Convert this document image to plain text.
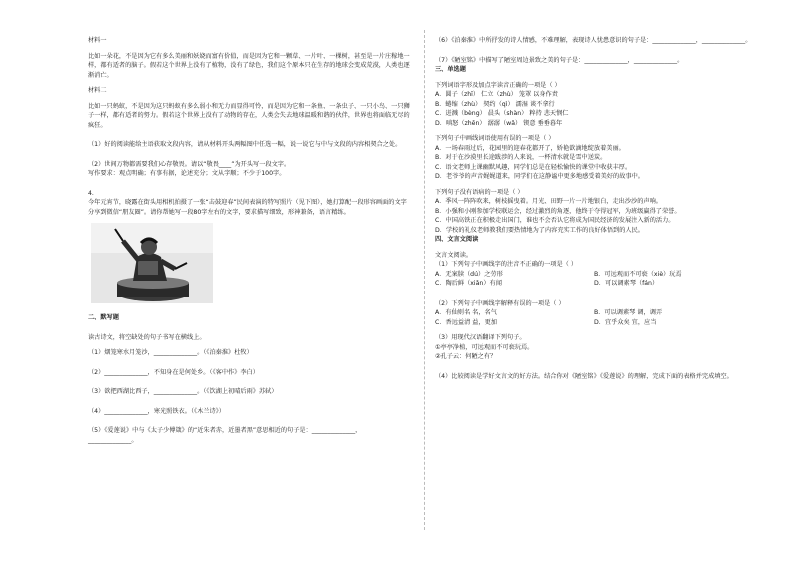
材料一

比如一朵花，不是因为它有多么美丽和妖娆而富有价值，而是因为它和一颗草、一片叶、一棵树，甚至是一片庄稼地一样，都有适者的脑子。假若这个世界上没有了植物，没有了绿色，我们这个原本只在生存的地球会变成荒漠，人类也逐渐消亡。

材料二

比如一只蚂蚁，不是因为这只蚂蚁有多么弱小和无力而显得可怜，而是因为它和一条鱼、一条虫子、一只小鸟、一只狮子一样，都有适者的努力。假若这个世界上没有了动物的存在，人类会失去地球温暖和谐的伙伴，世界也将面临无尽的疯狂。

（1）好的阅读能给主语获取文段内容，请从材料开头两幅图中任选一幅，说一说它与中与文段的内容相契合之处。

（2）世间万物都需要我们心存敬畏。请以“敬畏____”为开头写一段文字。

写作要求：观点明确；有事有据，论述充分；文从字顺；不少于100字。

4.

今年元宵节，晓露在街头用相机拍摄了一张“击鼓迎春”民间表演的特写照片（见下图），她打算配一段形容画面的文字分享到微信“朋友圈”。请你帮她写一段80字左右的文字，要求描写细致，形神兼备，语言精练。

二、默写题

读古诗文，将空缺处的句子书写在横线上。

（1）烟笼寒水月笼沙，______________。（《泊秦淮》杜牧）

（2）______________，不知身在是何处乡。（《客中作》李白）

（3）欲把西湖比西子，______________。（《饮湖上初晴后雨》苏轼）

（4）______________，寒光照铁衣。（《木兰诗》）

（5）《爱莲说》中与《太子少傅箴》的“近朱者赤，近墨者黑”意思相近的句子是：______________，______________。

（6）《泊秦淮》中所抒发的诗人情感，不难理解，表现诗人忧患意识的句子是：______________，______________。

（7）《陋室铭》中描写了陋室周边景致之美的句子是：______________，______________。

三、单选题

下列词语字形及加点字读音正确的一项是（ ）

A．圆子（zhī） 仁立（zhù） 笼罩 以身作责

B．蜷缩（zhù） 契约（qì） 濡湿 谈不拿行

C．迸溅（bèng） 晨头（shàn） 粹持 悲天悯仁

D．嗔怒（zhēn） 潺潺（wǎ） 锲意 垂垂暮年

下列句子中画线词语使用有误的一项是（ ）

A．一场春雨过后，花园里的迎春花都开了，娇艳欲滴地绽放着美丽。

B．对于在沙漠里长途跋涉的人来说，一杯清水就是雪中送炭。

C．语文老师上课幽默风趣，同学们总是在轻松愉快的课堂中收获丰厚。

D．老爷爷的声音娓娓道来，同学们在这静谧中更多地感受着美好的故事中。

下列句子没有语病的一项是（ ）

A．季风一阵阵吹来，树枝摇曳着。月光、田野一片一片地银白，走出沙沙的声响。

B．小强和小刚参加学校联运会，经过激烈的角逐，他终于夺得冠军，为班级赢得了荣誉。

C．中国高铁正在积极走出国门，谁也不会否认它将成为国民经济的发展注入新的活力。

D．学校的礼仪老师教我们要热情地为了内容充实工作的良好体悟到的人民。

四、文言文阅读

文言文阅读。

（1）下列句子中画线字的注音不正确的一项是（ ）

A．无案牍（dú）之劳形	B．可远观而不可亵（xiè）玩焉
C．陶后鲜（xiǎn）有闻	D．可以调素琴（fán）

（2）下列句子中画线字解释有误的一项是（ ）

A．有仙则名 名，名气	B．可以调素琴 调，调弄
C．香远益清 益，更加	D．宜乎众矣 宜，应当

（3）用现代汉语翻译下列句子。

①亭亭净植，可远观而不可亵玩焉。

②孔子云：何陋之有？

（4）比较阅读是学好文言文的好方法。结合你对《陋室铭》《爱莲说》的理解，完成下面的表格并完成填空。
